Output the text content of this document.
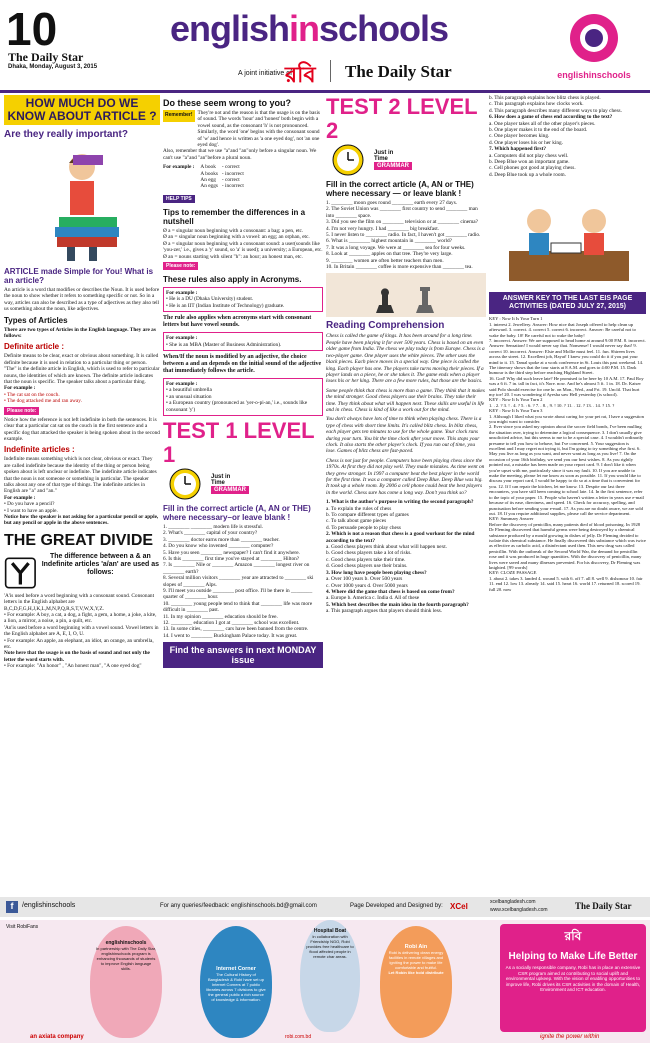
10
The Daily Star
Dhaka, Monday, August 3, 2015
englishinschools
A joint initiative of
রবি The Daily Star	englishinschools
HOW MUCH DO WE KNOW ABOUT ARTICLE ?
Are they really important?
ARTICLE made Simple for You! What is an article?
An article is a word that modifies or describes the Noun. It is used before the noun to show whether it refers to something specific or not. So in a way, articles can also be described as a type of adjectives as they also tell us something about the noun, like adjectives.
Types of Articles
There are two types of Articles in the English language. They are as follows:
Definite article :
Definite means to be clear, exact or obvious about something. It is called definite because it is used in relation to a particular thing or person. "The" is the definite article in English, which is used to refer to particular nouns, the identities of which are known. The definite article indicates that the noun is specific. The speaker talks about a particular thing.
For example :
• The cat sat on the couch.
• The dog attacked me and ran away.
Please note:
Notice how the reference is not left indefinite in both the sentences. It is clear that a particular cat sat on the couch in the first sentence and a specific dog that attacked the speaker is being spoken about in the second example.
Indefinite articles :
Indefinite means something which is not clear, obvious or exact. They are called indefinite because the identity of the thing or person being spoken about is left unclear or indefinite. The indefinite article indicates that the noun is not someone or something in particular. The speaker talks about any one of that type of things. The indefinite articles in English are "a" and "an."
For example :
• Do you have a pencil?
• I want to have an apple.
Notice how the speaker is not asking for a particular pencil or apple, but any pencil or apple in the above sentences.
THE GREAT DIVIDE
The difference between a & an
Indefinite articles 'a/an' are used as follows:
'A'is used before a word beginning with a consonant sound. Consonant letters in the English alphabet are B,C,D,F,G,H,J,K,L,M,N,P,Q,R,S,T,V,W,X,Y,Z.
• For example: A boy, a cat, a dog, a fight, a gem, a home, a joke, a kite, a lion, a mirror, a noise, a pin, a quilt, etc.
'An'is used before a word beginning with a vowel sound. Vowel letters in the English alphabet are A, E, I, O, U.
• For example: An apple, an elephant, an idiot, an orange, an umbrella, etc.
Note here that the usage is on the basis of sound and not only the letter the word starts with.
• For example: "An honor" , "An honest man", "A one eyed dog"
Do these seem wrong to you?
Remember! They're not and the reason is that the usage is on the basis of sound. The words 'hour' and 'honest' both begin with a vowel sound, as the consonant 'h' is not pronounced. Similarly, the word 'one' begins with the consonant sound of 'w' and hence is written as 'a one eyed dog', not 'an one eyed dog'.
Also, remember that we use "a"and "an"only before a singular noun. We can't use "a"and "an"before a plural noun.
For example : A book	- correct
A books	- incorrect
An egg	- correct
An eggs	- incorrect
HELP TIPS
Tips to remember the differences in a nutshell
Ø a = singular noun beginning with a consonant: a bag; a pen, etc.
Ø an = singular noun beginning with a vowel: an egg; an orphan, etc.
Ø a = singular noun beginning with a consonant sound: a user(sounds like 'you-zer,' i.e., gives a 'y' sound, so 'a' is used); a university; a European, etc.
Ø an = nouns starting with silent "h": an hour; an honest man, etc.
Please note:
These rules also apply in Acronyms.
For example :
• He is a DU (Dhaka University) student.
• He is an IIT (Indian Institute of Technology) graduate.
The rule also applies when acronyms start with consonant letters but have vowel sounds.
For example :
• She is an MBA (Master of Business Administration).
When/If the noun is modified by an adjective, the choice between a and an depends on the initial sound of the adjective that immediately follows the article.
For example :
• a beautiful umbrella
• an unusual situation
• a European country (pronounced as 'yer-o-pi-an,' i.e., sounds like consonant 'y')
TEST 1 LEVEL 1
Just in
Time
GRAMMAR
Fill in the correct article (A, AN or THE) where necessary–or leave blank !
1. ________ ________ modern life is stressful.
2. What's ________ capital of your country?
3. ________ doctor earns more than ________ teacher.
4. Do you know who invented ________ computer?
5. Have you seen ________ newspaper? I can't find it anywhere.
6. Is this ________ first time you've stayed at ________ Hilton?
7. Is ________ Nile or ________ Amazon ________ longest river on ________ earth?
8. Several million visitors ________ year are attracted to ________ ski slopes of ________ Alps.
9. I'll meet you outside ________ post office. I'll be there in ________ quarter of ________ hour.
10. ________ young people tend to think that ________ life was more difficult in ________ past.
11. In my opinion ________ education should be free.
12. ________ education I got at ________ school was excellent.
13. In some cities, ________ cars have been banned from the centre.
14. I went to ________ Buckingham Palace today. It was great.
Find the answers in next MONDAY issue
TEST 2 LEVEL 2
Just in
Time
GRAMMAR
Fill in the correct article (A, AN or THE) where necessary — or leave blank !
1. ________ moon goes round ________ earth every 27 days.
2. The Soviet Union was ________ first country to send ________ man into ________ space.
3. Did you see the film on ________ television or at ________ cinema?
4. I'm not very hungry. I had ________ big breakfast.
5. I never listen to ________ radio. In fact, I haven't got ________ radio.
6. What is ________ highest mountain in ________ world?
7. It was a long voyage. We were at ________ sea for four weeks.
8. Look at ________ apples on that tree. They're very large.
9. ________ women are often better teachers than men.
10. In Britain ________ coffee is more expensive than ________ tea.
Reading Comprehension
Chess is called the game of kings. It has been around for a long time. People have been playing it for over 500 years. Chess is based on an even older game from India. The chess we play today is from Europe. Chess is a two-player game. One player uses the white pieces. The other uses the black pieces. Each piece moves in a special way. One piece is called the king. Each player has one. The players take turns moving their pieces. If a player lands on a piece, he or she takes it. The game ends when a player loses his or her king. There are a few more rules, but those are the basics.
Some people think that chess is more than a game. They think that it makes the mind stronger. Good chess players use their brains. They take their time. They think about what will happen next. These skills are useful in life and in chess. Chess is kind of like a work out for the mind.
You don't always have lots of time to think when playing chess. There is a type of chess with short time limits. It's called blitz chess. In blitz chess, each player gets ten minutes to use for the whole game. Your clock runs during your turn. You hit the time clock after your move. This stops your clock. It also starts the other player's clock. If you run out of time, you lose. Games of blitz chess are fast-paced.
Chess is not just for people. Computers have been playing chess since the 1970s. At first they did not play well. They made mistakes. As time went on they grew stronger. In 1997 a computer beat the best player in the world for the first time. It was a computer called Deep Blue. Deep Blue was big. It took up a whole room. By 2006 a cell phone could beat the best players in the world. Chess sure has come a long way. Don't you think so?
1. What is the author's purpose in writing the second paragraph?
a. To explain the rules of chess
b. To compare different types of games
c. To talk about game pieces
d. To persuade people to play chess
2. Which is not a reason that chess is a good workout for the mind according to the text?
a. Good chess players think about what will happen next.
b. Good chess players take a lot of risks.
c. Good chess players take their time.
d. Good chess players use their brains.
3. How long have people been playing chess?
a. Over 100 years b. Over 500 years
c. Over 1000 years d. Over 5000 years
4. Where did the game that chess is based on come from?
a. Europe b. America c. India d. All of these
5. Which best describes the main idea in the fourth paragraph?
a. This paragraph argues that players should think less.
b. This paragraph explains how blitz chess is played.
c. This paragraph explains how clocks work.
d. This paragraph describes many different ways to play chess.
6. How does a game of chess end according to the text?
a. One player takes all of the other player's pieces.
b. One player makes it to the end of the board.
c. One player becomes king.
d. One player loses his or her king.
7. Which happened first?
a. Computers did not play chess well.
b. Deep Blue won an important game.
c. Cell phones got good at playing chess.
d. Deep Blue took up a whole room.
ANSWER KEY TO THE LAST EIS PAGE ACTIVITIES (DATED JULY 27, 2015)
KEY : Now It Is Your Turn 1
1. interest 2. Jewellery. Answer: How nice that Joseph offered to help clean up afterward. 3. correct. 4. correct 5. correct 6. incorrect. Answer: Be careful not to wake the baby. 10! Be careful not to wake the baby!
7. incorrect. Answer: We are supposed to head home at around 9.00 P.M. 8. incorrect. Answer: Sensation! I would never say that. Nonsense! I would never say that! 9. correct 10. incorrect. Answer: Elsie and Mollie must feel. 11. fun. Shireen lives across the street. 12. Excellent job, Hayat! I knew you could do it if you put your mind to it. 15. Tamal spoke at a work conference in St. Louis this past weekend. 14. The itinerary shows that the tour starts at 8 A.M. and goes to 4:00 P.M. 15. Dark humour is the third step before reaching Highland Street.
16. God! Why did such leave late? He promised to be here by 10 A.M. 17. Paul Roy was a 6 ft. 7 in. tall in fact, it's Nore. now. And he's almost 5 ft. 1 in. 18. Dr. Kaiser said Polo should exercise for one hr. on Mon., Wed., and Fri. 19. Unclil. That hurt my toe! 20. I was wondering if Ayesha saw Hell yesterday (is school).
KEY : Now It Is Your Turn 2
1. . 2. ? 3. ! . 4. ? 5. : 6. ? 7. . 8. , 9. ! 10. ? 11. . 12. ? 13. . 14. ? 15. ?
KEY : Now It Is Your Turn 3
1. Although I liked what you wrote about caring for your pet rat, I have a suggestion you might want to consider.
2. Ever since you asked my opinion about the soccer field bonds, I've been mulling the situation over, trying to determine a logical consequence. 3. I don't usually give unsolicited advice, but this seems to me to be a special case. 4. I wouldn't ordinarily presume to tell you how to behave, but I've concerned. 5. Your suggestion is excellent and I may regret not trying it, but I'm going to try something else first. 6. May you live as long as you want, and never want as long as you live! 7. On the occasion of your 16th birthday, we send you our best wishes. 8. As you rightly pointed out, a mistake has been made on your report card. 9. I don't like it when you're upset with me, particularly since it was my fault. 10. If you are unable to make the meeting, please let me know as soon as possible. 11. If you would like to discuss your report card, I would be happy to do so at a time that is convenient for you. 12. If I can repair the kitchen, let me know. 13. Despite our last three encounters, you have still been coming to school late. 14. In the first sentence, refer to the topic of your paper. 15. People who haven't written a letter in years use e-mail because of its ease, directness, and speed. 16. Check for accuracy, spelling, and punctuation before sending your e-mail. 17. As you are no doubt aware, we are sold out. 18. If you require additional supplies, please call the service department.
KEY: Summary Answer
Before the discovery of penicillin, many patients died of blood poisoning. In 1928 Dr Fleming discovered that harmful germs were being destroyed by a chemical substance produced by a mould growing in dishes of jelly. Dr Fleming decided to isolate this chemical substance. He finally discovered this substance which was twice as effective as carbolic acid, a disinfectant used then. This new drug was called penicillin. With the outbreak of the Second World War, the demand for penicillin rose and it was produced in huge quantities. With the discovery of penicillin, many lives were saved and many illnesses prevented. For his discovery, Dr Fleming was knighted. [99 words]
KEY: CLOZE PASSAGE
1. about 2. takes 3. landed 4. wound 5. with 6. off 7. all 8. well 9. dishonour 10. fair 11. end 12. low 13. already 14. said 15. heart 16. world 17. returned 18. scored 19. full 20. now
f	/englishinschools	For any queries/feedback: englishinschools.bd@gmail.com	Page Developed and Designed by: XCel	xcelbangladesh.com
www.xcelbangladesh.com	The Daily Star
Visit RobiFans
englishinschools
In partnership with The Daily Star, englishinschools program is enhancing thousands of students to improve English language skills.	Internet Corner
The Cultural History of Bangladesh & Robi have set up Internet Corners at 7 public libraries across 7 divisions to give the general public a rich source of knowledge & information.
Hospital Boat
In collaboration with Friendship NGO, Robi provides free healthcare to flood affected people in remote char areas.
Robi Ain
Robi is delivering clean energy facilities in remote villages and igniting the power to make life comfortable and fruitful.
Let Robin like hold distribute
রবি
Helping to Make Life Better
As a socially responsible company, Robi has in place an extensive CSR program aimed at contributing to social uplift and environmental upkeep. With the vision of enabling opportunities to improve life, Robi drives its CSR activities in the domain of Health, Environment and ICT education.
an axiata company	robi.com.bd	ignite the power within
